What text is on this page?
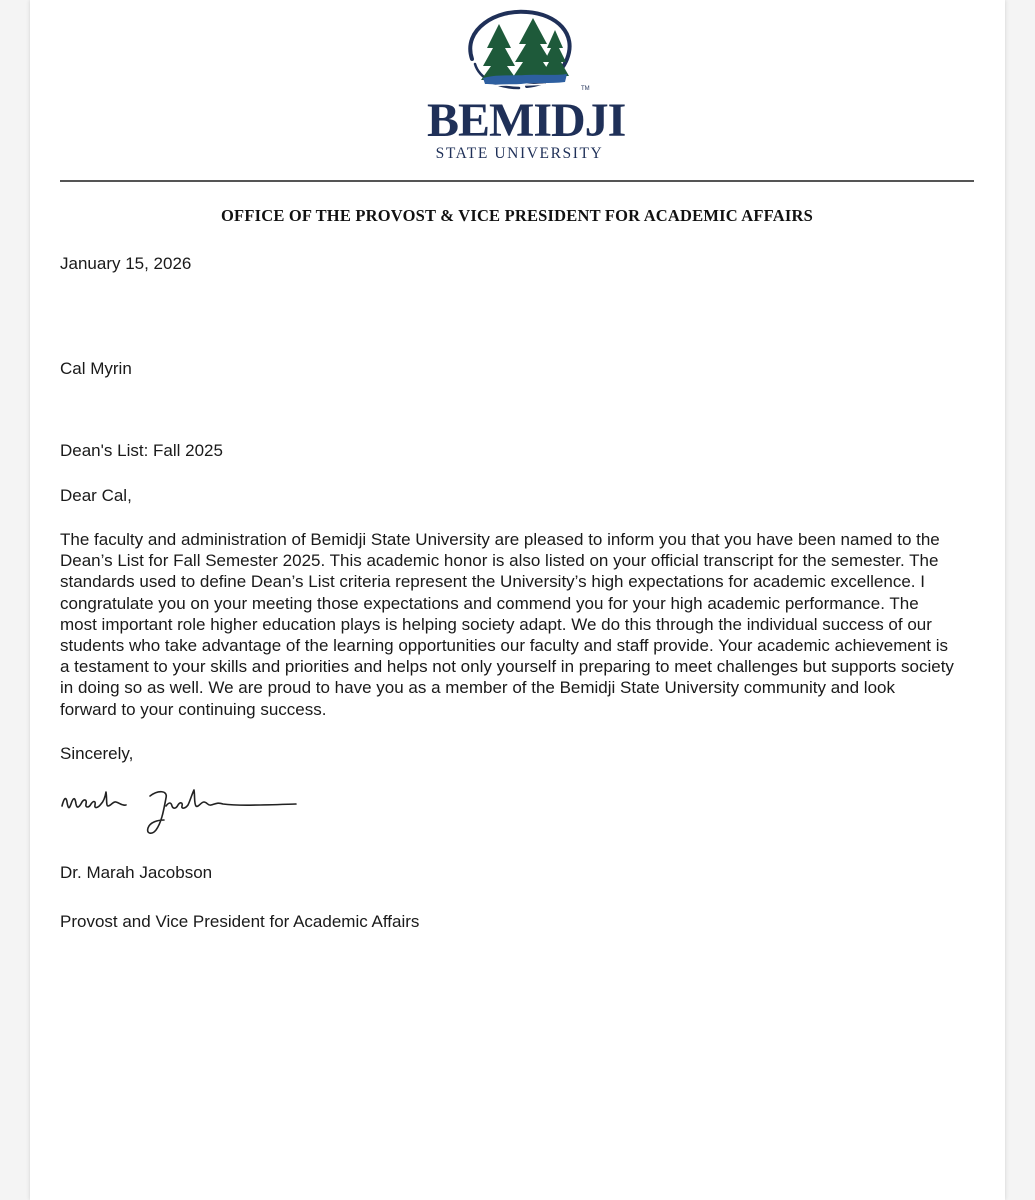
TM
BEMIDJI
STATE UNIVERSITY
OFFICE OF THE PROVOST & VICE PRESIDENT FOR ACADEMIC AFFAIRS
January 15, 2026
Cal Myrin
Dean's List: Fall 2025
Dear Cal,
The faculty and administration of Bemidji State University are pleased to inform you that you have been named to the
Dean’s List for Fall Semester 2025. This academic honor is also listed on your official transcript for the semester. The
standards used to define Dean’s List criteria represent the University’s high expectations for academic excellence. I
congratulate you on your meeting those expectations and commend you for your high academic performance. The
most important role higher education plays is helping society adapt. We do this through the individual success of our
students who take advantage of the learning opportunities our faculty and staff provide. Your academic achievement is
a testament to your skills and priorities and helps not only yourself in preparing to meet challenges but supports society
in doing so as well. We are proud to have you as a member of the Bemidji State University community and look
forward to your continuing success.
Sincerely,
Dr. Marah Jacobson
Provost and Vice President for Academic Affairs
